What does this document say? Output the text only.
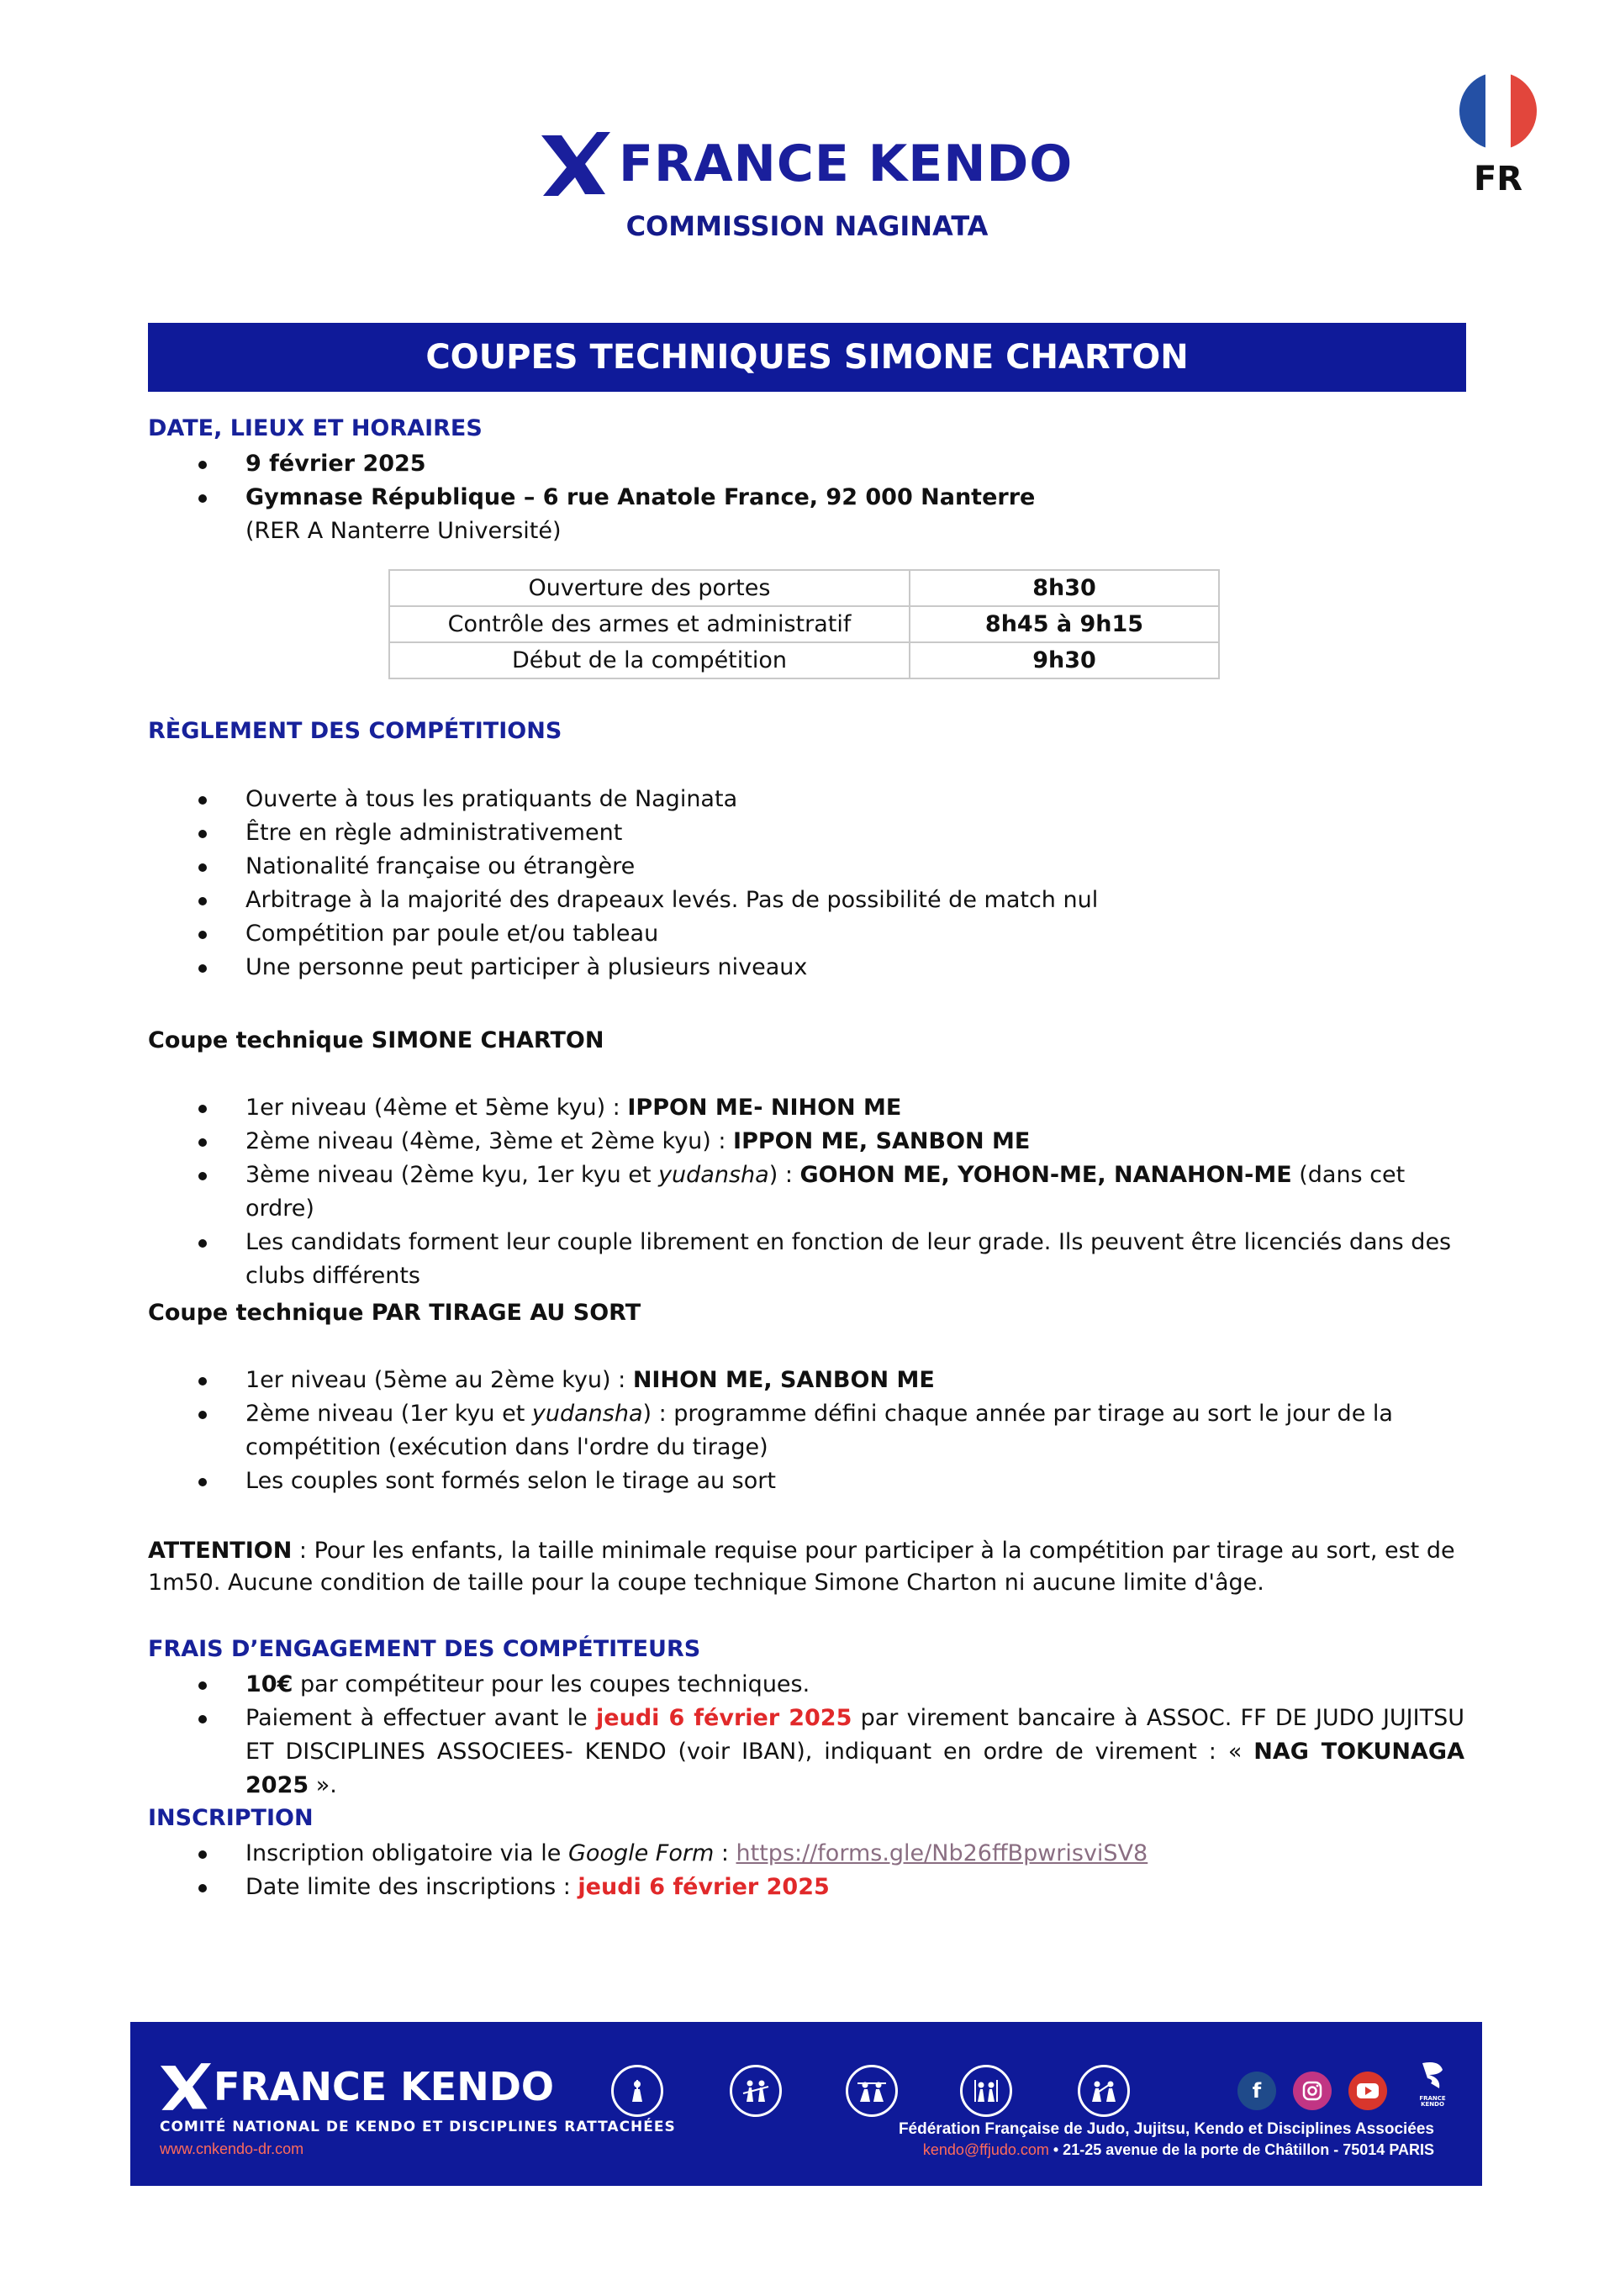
FRANCE KENDO
COMMISSION NAGINATA
FR
COUPES TECHNIQUES SIMONE CHARTON
DATE, LIEUX ET HORAIRES
9 février 2025
Gymnase République – 6 rue Anatole France, 92 000 Nanterre
(RER A Nanterre Université)
Ouverture des portes	8h30
Contrôle des armes et administratif	8h45 à 9h15
Début de la compétition	9h30
RÈGLEMENT DES COMPÉTITIONS
Ouverte à tous les pratiquants de Naginata
Être en règle administrativement
Nationalité française ou étrangère
Arbitrage à la majorité des drapeaux levés. Pas de possibilité de match nul
Compétition par poule et/ou tableau
Une personne peut participer à plusieurs niveaux
Coupe technique SIMONE CHARTON
1er niveau (4ème et 5ème kyu) : IPPON ME- NIHON ME
2ème niveau (4ème, 3ème et 2ème kyu) : IPPON ME, SANBON ME
3ème niveau (2ème kyu, 1er kyu et yudansha) : GOHON ME, YOHON-ME, NANAHON-ME (dans cet ordre)
Les candidats forment leur couple librement en fonction de leur grade. Ils peuvent être licenciés dans des clubs différents
Coupe technique PAR TIRAGE AU SORT
1er niveau (5ème au 2ème kyu) : NIHON ME, SANBON ME
2ème niveau (1er kyu et yudansha) : programme défini chaque année par tirage au sort le jour de la compétition (exécution dans l'ordre du tirage)
Les couples sont formés selon le tirage au sort
ATTENTION : Pour les enfants, la taille minimale requise pour participer à la compétition par tirage au sort, est de 1m50. Aucune condition de taille pour la coupe technique Simone Charton ni aucune limite d'âge.
FRAIS D’ENGAGEMENT DES COMPÉTITEURS
10€ par compétiteur pour les coupes techniques.
Paiement à effectuer avant le jeudi 6 février 2025 par virement bancaire à ASSOC. FF DE JUDO JUJITSU ET DISCIPLINES ASSOCIEES- KENDO (voir IBAN), indiquant en ordre de virement : « NAG TOKUNAGA 2025 ».
INSCRIPTION
Inscription obligatoire via le Google Form : https://forms.gle/Nb26ffBpwrisviSV8
Date limite des inscriptions : jeudi 6 février 2025
FRANCE KENDO
COMITÉ NATIONAL DE KENDO ET DISCIPLINES RATTACHÉES
www.cnkendo-dr.com
f	FRANCE
KENDO
Fédération Française de Judo, Jujitsu, Kendo et Disciplines Associées
kendo@ffjudo.com • 21-25 avenue de la porte de Châtillon - 75014 PARIS
